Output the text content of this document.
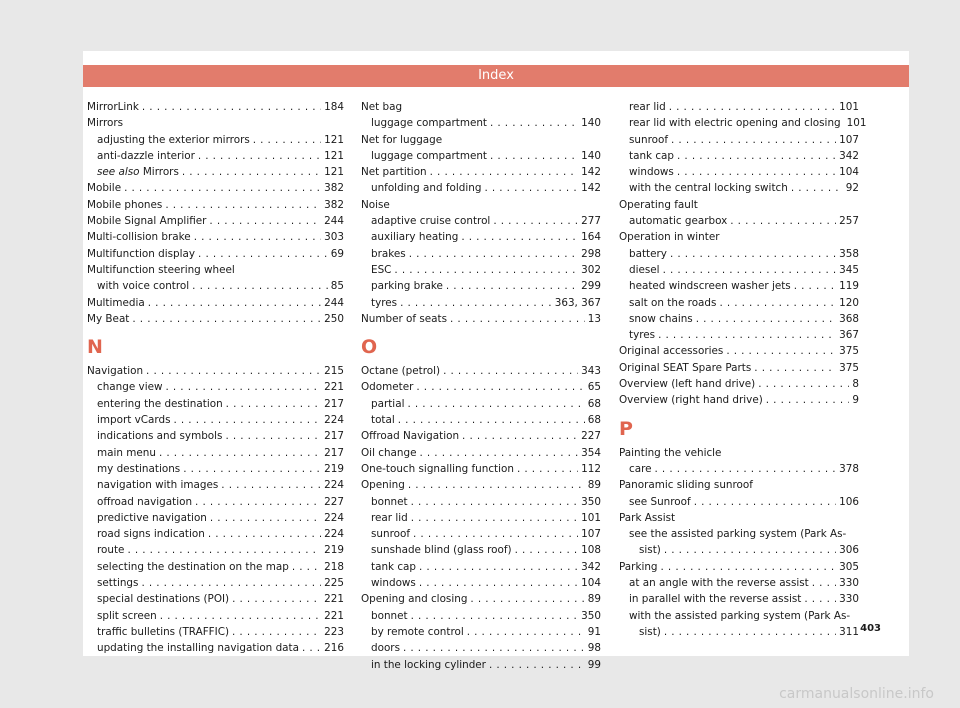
Index
MirrorLink . . .	184
Mirrors
adjusting the exterior mirrors . . .	121
anti-dazzle interior . . .	121
see also Mirrors . . .	121
Mobile . . .	382
Mobile phones . . .	382
Mobile Signal Amplifier . . .	244
Multi-collision brake . . .	303
Multifunction display . . .	69
Multifunction steering wheel
with voice control . . .	85
Multimedia . . .	244
My Beat . . .	250
N
Navigation . . .	215
change view . . .	221
entering the destination . . .	217
import vCards . . .	224
indications and symbols . . .	217
main menu . . .	217
my destinations . . .	219
navigation with images . . .	224
offroad navigation . . .	227
predictive navigation . . .	224
road signs indication . . .	224
route . . .	219
selecting the destination on the map . . .	218
settings . . .	225
special destinations (POI) . . .	221
split screen . . .	221
traffic bulletins (TRAFFIC) . . .	223
updating the installing navigation data . . . 216
Net bag
luggage compartment . . .	140
Net for luggage
luggage compartment . . .	140
Net partition . . .	142
unfolding and folding . . .	142
Noise
adaptive cruise control . . .	277
auxiliary heating . . .	164
brakes . . .	298
ESC . . .	302
parking brake . . .	299
tyres . . .	363, 367
Number of seats . . .	13
O
Octane (petrol) . . .	343
Odometer . . .	65
partial . . .	68
total . . .	68
Offroad Navigation . . .	227
Oil change . . .	354
One-touch signalling function . . .	112
Opening . . .	89
bonnet . . .	350
rear lid . . .	101
sunroof . . .	107
sunshade blind (glass roof) . . .	108
tank cap . . .	342
windows . . .	104
Opening and closing . . .	89
bonnet . . .	350
by remote control . . .	91
doors . . .	98
in the locking cylinder . . .	99
rear lid . . .	101
rear lid with electric opening and closing 101
sunroof . . .	107
tank cap . . .	342
windows . . .	104
with the central locking switch . . .	92
Operating fault
automatic gearbox . . .	257
Operation in winter
battery . . .	358
diesel . . .	345
heated windscreen washer jets . . .	119
salt on the roads . . .	120
snow chains . . .	368
tyres . . .	367
Original accessories . . .	375
Original SEAT Spare Parts . . .	375
Overview (left hand drive) . . .	8
Overview (right hand drive) . . .	9
P
Painting the vehicle
care . . .	378
Panoramic sliding sunroof
see Sunroof . . .	106
Park Assist
see the assisted parking system (Park As-
sist) . . .	306
Parking . . .	305
at an angle with the reverse assist . . .	330
in parallel with the reverse assist . . .	330
with the assisted parking system (Park As-
sist) . . .	311 403
carmanualsonline.info
